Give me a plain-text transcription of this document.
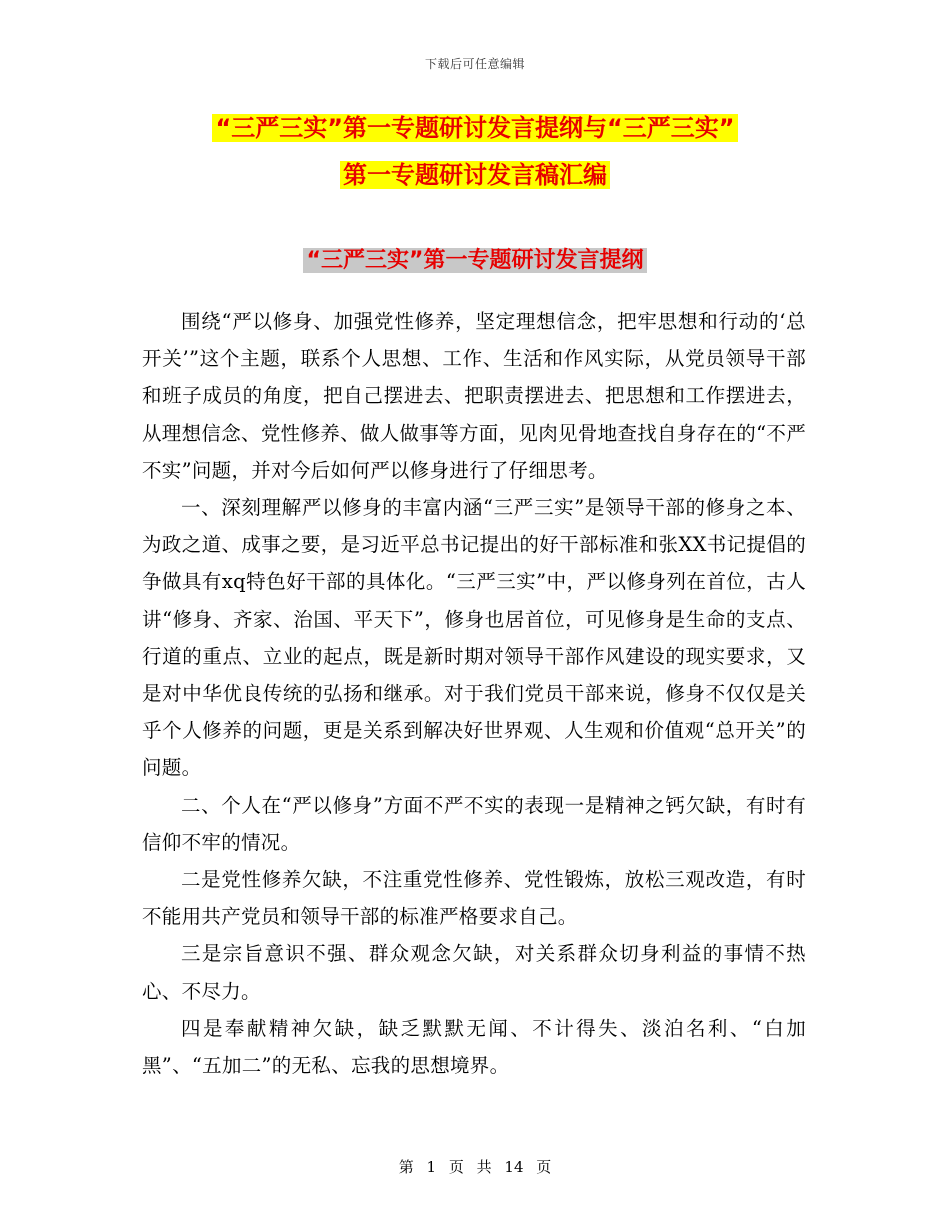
下载后可任意编辑
“三严三实”第一专题研讨发言提纲与“三严三实”
第一专题研讨发言稿汇编
“三严三实”第一专题研讨发言提纲

围绕“严以修身、加强党性修养，坚定理想信念，把牢思想和行动的‘总开关’”这个主题，联系个人思想、工作、生活和作风实际，从党员领导干部和班子成员的角度，把自己摆进去、把职责摆进去、把思想和工作摆进去，从理想信念、党性修养、做人做事等方面，见肉见骨地查找自身存在的“不严不实”问题，并对今后如何严以修身进行了仔细思考。

一、深刻理解严以修身的丰富内涵“三严三实”是领导干部的修身之本、为政之道、成事之要，是习近平总书记提出的好干部标准和张XX书记提倡的争做具有xq特色好干部的具体化。“三严三实”中，严以修身列在首位，古人讲“修身、齐家、治国、平天下”，修身也居首位，可见修身是生命的支点、行道的重点、立业的起点，既是新时期对领导干部作风建设的现实要求，又是对中华优良传统的弘扬和继承。对于我们党员干部来说，修身不仅仅是关乎个人修养的问题，更是关系到解决好世界观、人生观和价值观“总开关”的问题。

二、个人在“严以修身”方面不严不实的表现一是精神之钙欠缺，有时有信仰不牢的情况。

二是党性修养欠缺，不注重党性修养、党性锻炼，放松三观改造，有时不能用共产党员和领导干部的标准严格要求自己。

三是宗旨意识不强、群众观念欠缺，对关系群众切身利益的事情不热心、不尽力。

四是奉献精神欠缺，缺乏默默无闻、不计得失、淡泊名利、“白加黑”、“五加二”的无私、忘我的思想境界。

第 1 页 共 14 页
